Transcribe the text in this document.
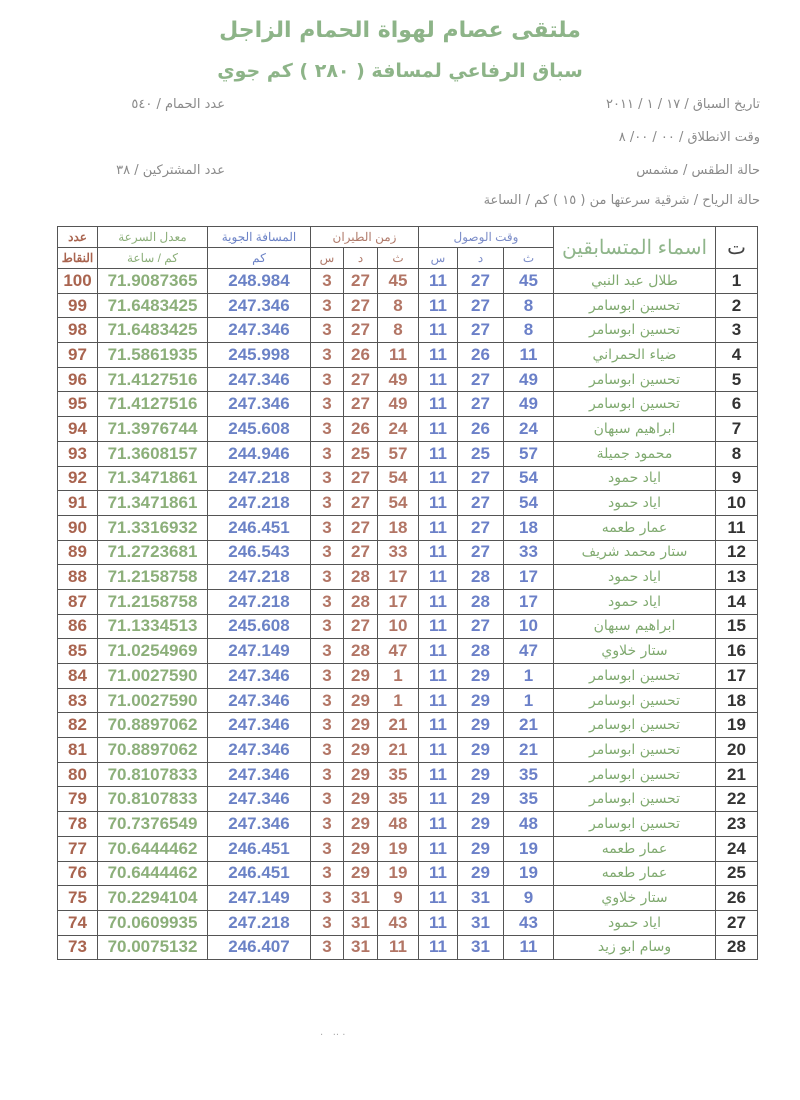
ملتقى عصام لهواة الحمام الزاجل
سباق الرفاعي لمسافة ( ٢٨٠ ) كم جوي
تاريخ السباق / ١٧ / ١ / ٢٠١١
عدد الحمام / ٥٤٠
وقت الانطلاق / ٠٠ / ٠٠/ ٨
حالة الطقس / مشمس
عدد المشتركين / ٣٨
حالة الرياح / شرقية سرعتها من ( ١٥ ) كم / الساعة
ت	اسماء المتسابقين	وقت الوصول			زمن الطيران			المسافة الجوية	معدل السرعة	عدد
		ث	د	س	ث	د	س	كم	كم / ساعة	النقاط
1	طلال عبد النبي	45	27	11	45	27	3	248.984	71.9087365	100
2	تحسين ابوسامر	8	27	11	8	27	3	247.346	71.6483425	99
3	تحسين ابوسامر	8	27	11	8	27	3	247.346	71.6483425	98
4	ضياء الحمراني	11	26	11	11	26	3	245.998	71.5861935	97
5	تحسين ابوسامر	49	27	11	49	27	3	247.346	71.4127516	96
6	تحسين ابوسامر	49	27	11	49	27	3	247.346	71.4127516	95
7	ابراهيم سبهان	24	26	11	24	26	3	245.608	71.3976744	94
8	محمود جميلة	57	25	11	57	25	3	244.946	71.3608157	93
9	اياد حمود	54	27	11	54	27	3	247.218	71.3471861	92
10	اياد حمود	54	27	11	54	27	3	247.218	71.3471861	91
11	عمار طعمه	18	27	11	18	27	3	246.451	71.3316932	90
12	ستار محمد شريف	33	27	11	33	27	3	246.543	71.2723681	89
13	اياد حمود	17	28	11	17	28	3	247.218	71.2158758	88
14	اياد حمود	17	28	11	17	28	3	247.218	71.2158758	87
15	ابراهيم سبهان	10	27	11	10	27	3	245.608	71.1334513	86
16	ستار خلاوي	47	28	11	47	28	3	247.149	71.0254969	85
17	تحسين ابوسامر	1	29	11	1	29	3	247.346	71.0027590	84
18	تحسين ابوسامر	1	29	11	1	29	3	247.346	71.0027590	83
19	تحسين ابوسامر	21	29	11	21	29	3	247.346	70.8897062	82
20	تحسين ابوسامر	21	29	11	21	29	3	247.346	70.8897062	81
21	تحسين ابوسامر	35	29	11	35	29	3	247.346	70.8107833	80
22	تحسين ابوسامر	35	29	11	35	29	3	247.346	70.8107833	79
23	تحسين ابوسامر	48	29	11	48	29	3	247.346	70.7376549	78
24	عمار طعمه	19	29	11	19	29	3	246.451	70.6444462	77
25	عمار طعمه	19	29	11	19	29	3	246.451	70.6444462	76
26	ستار خلاوي	9	31	11	9	31	3	247.149	70.2294104	75
27	اياد حمود	43	31	11	43	31	3	247.218	70.0609935	74
28	وسام ابو زيد	11	31	11	11	31	3	246.407	70.0075132	73
·   ·· ·
